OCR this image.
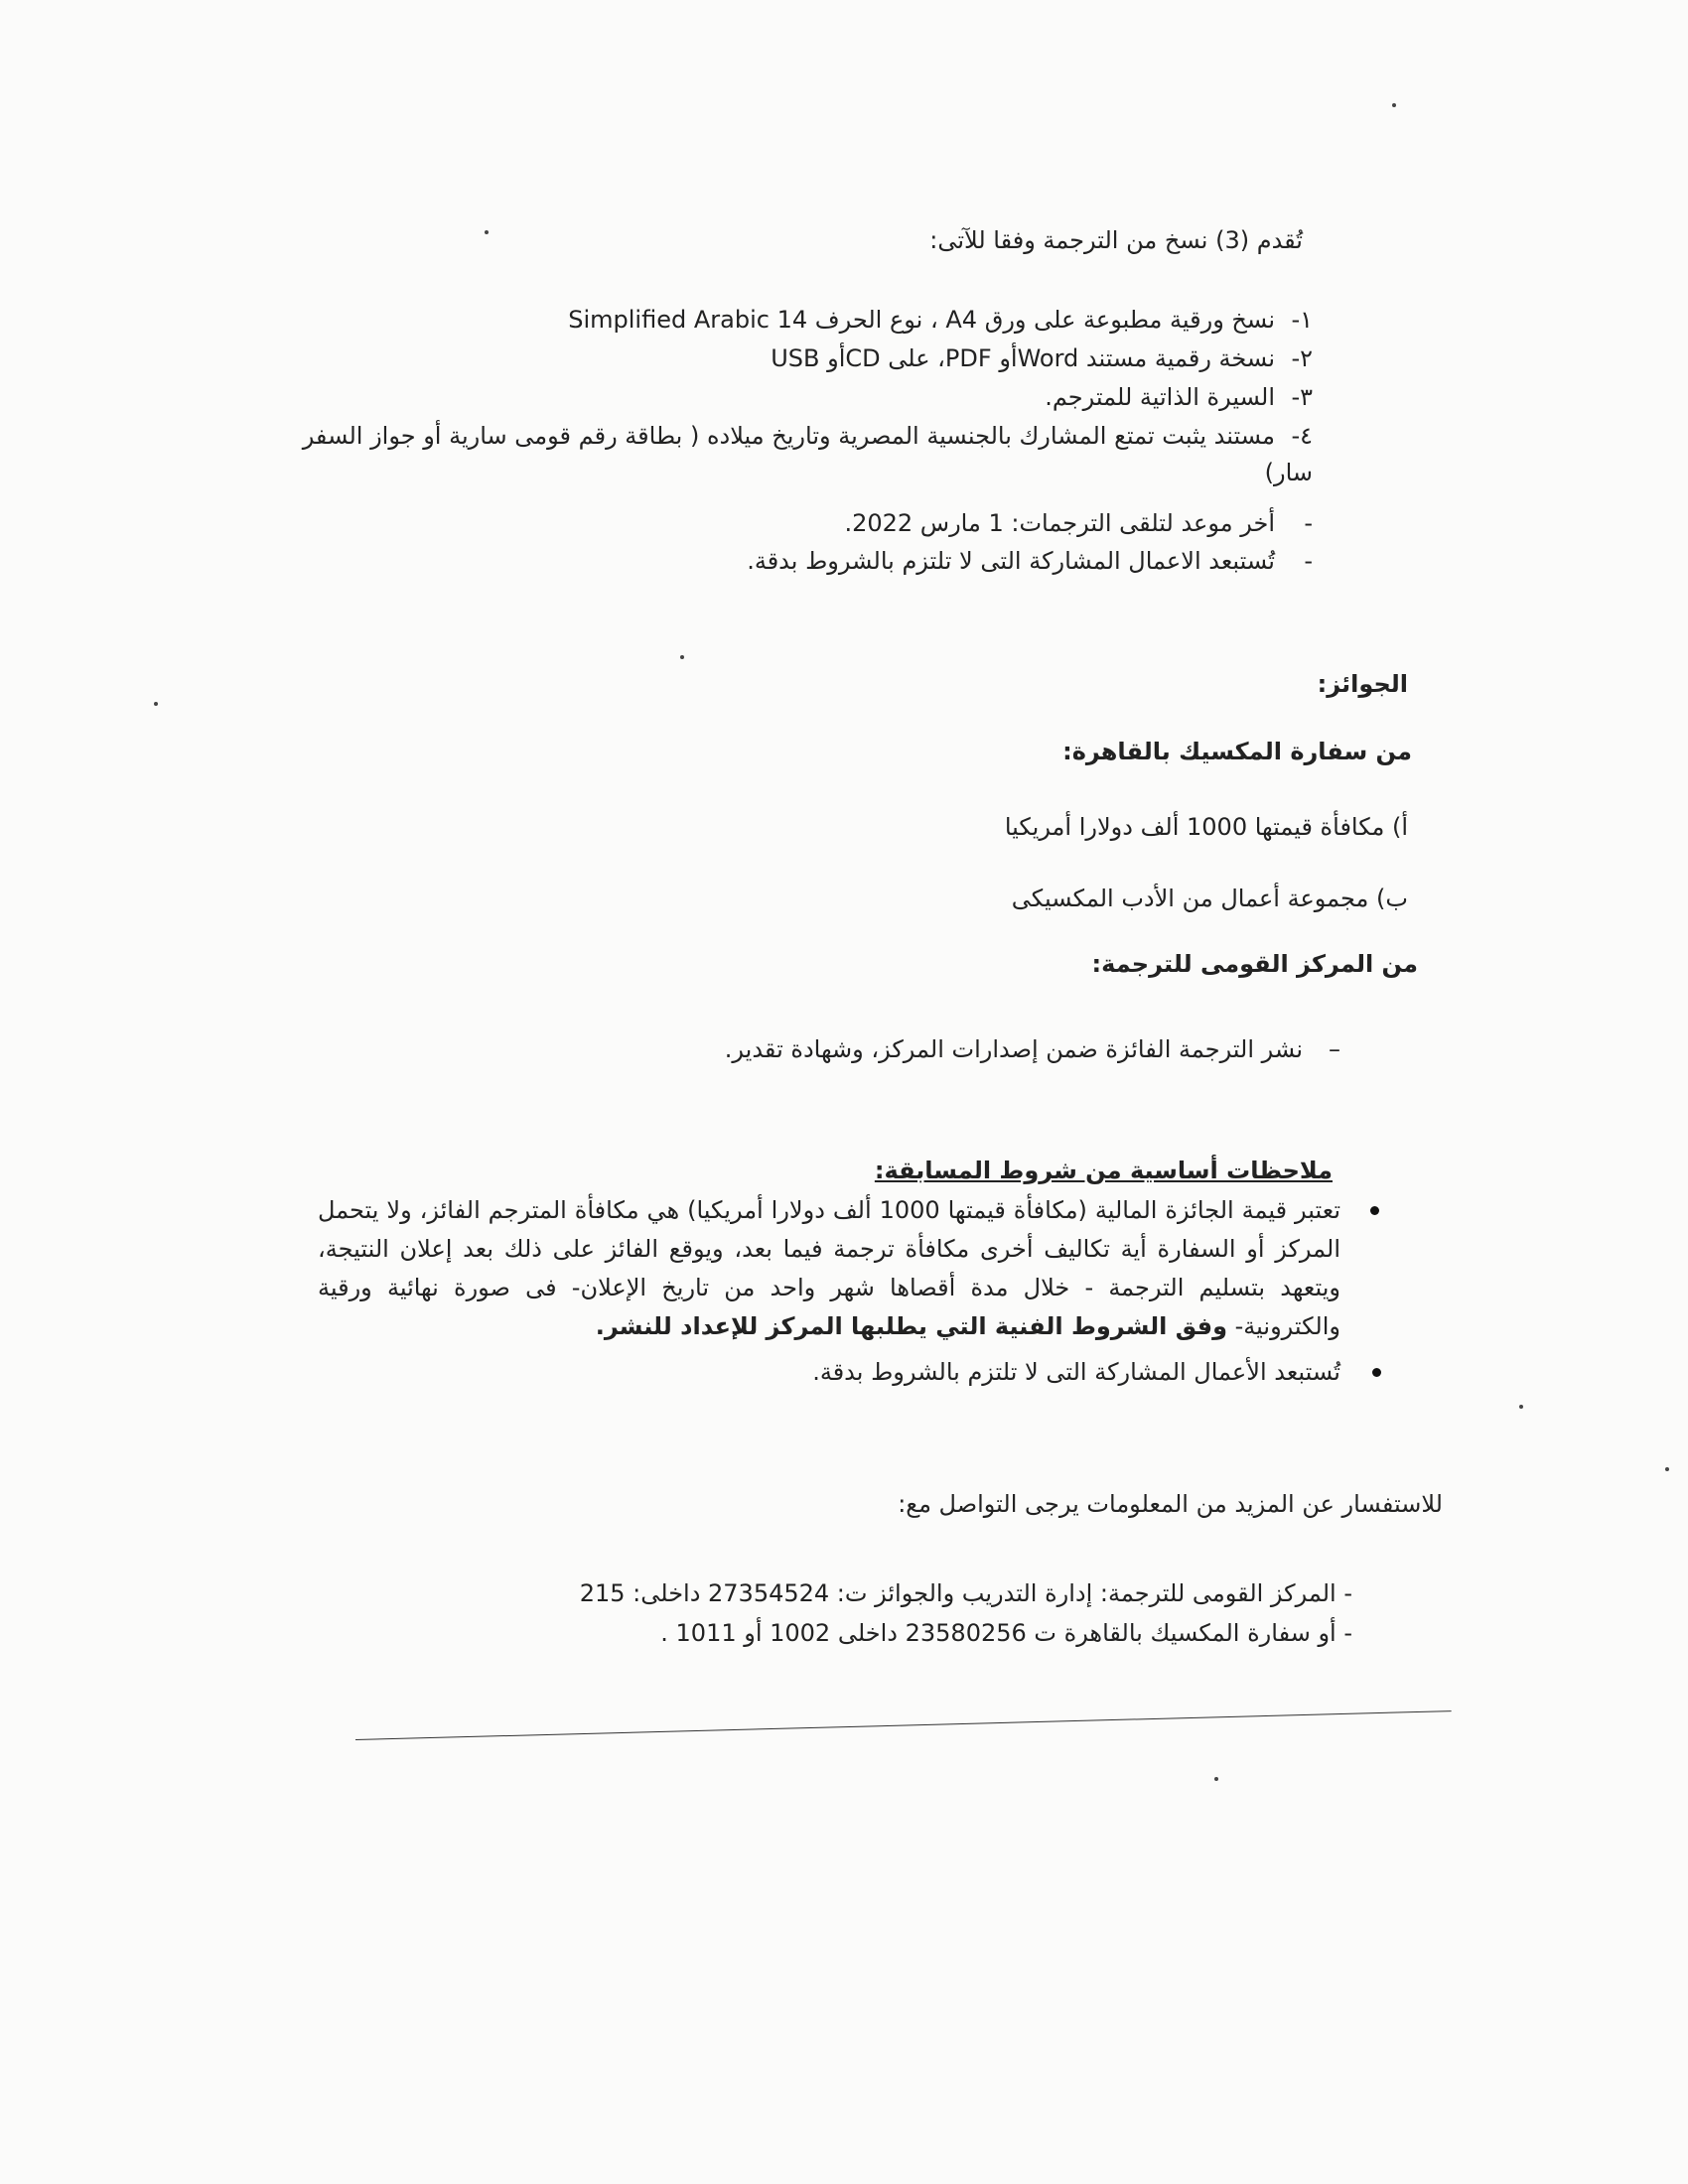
تُقدم (3) نسخ من الترجمة وفقا للآتى:
١-نسخ ورقية مطبوعة على ورق A4 ، نوع الحرف Simplified Arabic 14
٢-نسخة رقمية مستند Wordأو PDF، على CDأو USB
٣-السيرة الذاتية للمترجم.
٤-مستند يثبت تمتع المشارك بالجنسية المصرية وتاريخ ميلاده ( بطاقة رقم قومى سارية أو جواز السفر
سار)
-أخر موعد لتلقى الترجمات: 1 مارس 2022.
-تُستبعد الاعمال المشاركة التى لا تلتزم بالشروط بدقة.
الجوائز:
من سفارة المكسيك بالقاهرة:
أ) مكافأة قيمتها 1000 ألف دولارا أمريكيا
ب) مجموعة أعمال من الأدب المكسيكى
من المركز القومى للترجمة:
–نشر الترجمة الفائزة ضمن إصدارات المركز، وشهادة تقدير.
ملاحظات أساسية من شروط المسابقة:
تعتبر قيمة الجائزة المالية (مكافأة قيمتها 1000 ألف دولارا أمريكيا) هي مكافأة المترجم الفائز، ولا يتحمل المركز أو السفارة أية تكاليف أخرى مكافأة ترجمة فيما بعد، ويوقع الفائز على ذلك بعد إعلان النتيجة، ويتعهد بتسليم الترجمة - خلال مدة أقصاها شهر واحد من تاريخ الإعلان- فى صورة نهائية ورقية والكترونية- وفق الشروط الفنية التي يطلبها المركز للإعداد للنشر.
تُستبعد الأعمال المشاركة التى لا تلتزم بالشروط بدقة.
للاستفسار عن المزيد من المعلومات يرجى التواصل مع:
- المركز القومى للترجمة: إدارة التدريب والجوائز ت: 27354524 داخلى: 215
- أو سفارة المكسيك بالقاهرة ت 23580256 داخلى 1002 أو 1011 .
